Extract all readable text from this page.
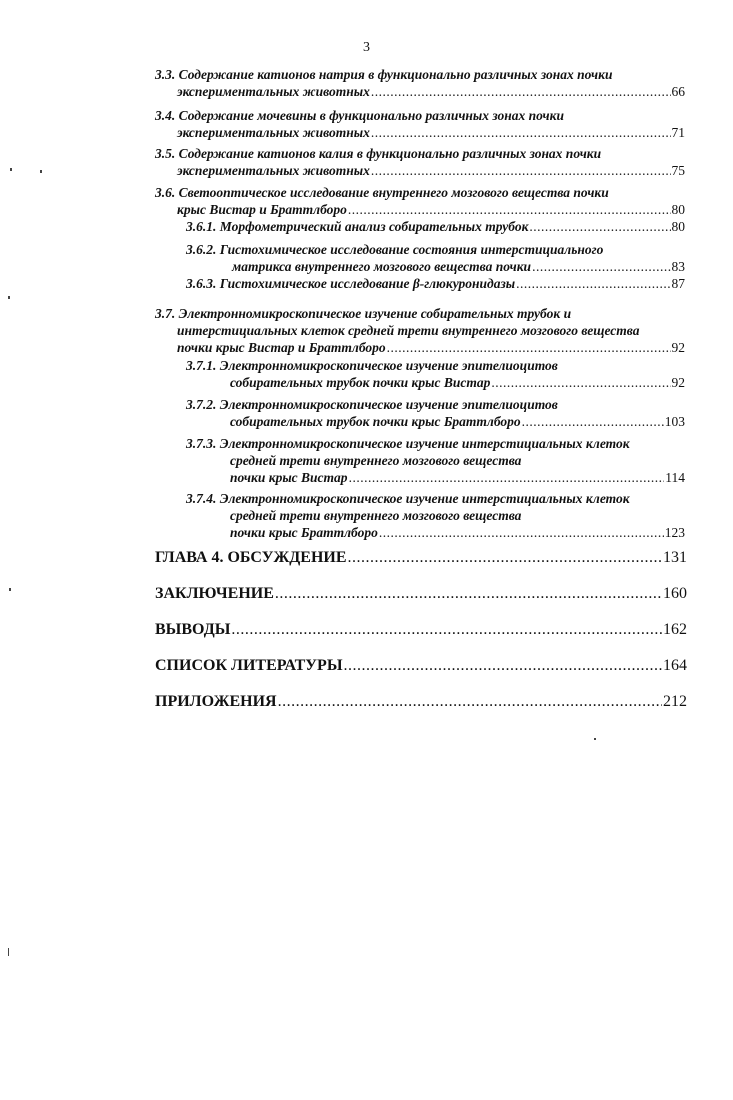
3
3.3. Содержание катионов натрия в функционально различных зонах почки
экспериментальных животных .....	66
3.4. Содержание мочевины в функционально различных зонах почки
экспериментальных животных .....	71
3.5. Содержание катионов калия в функционально различных зонах почки
экспериментальных животных .....	75
3.6. Светооптическое исследование внутреннего мозгового вещества почки
крыс Вистар и Браттлборо .....	80
3.6.1. Морфометрический анализ собирательных трубок .....	80
3.6.2. Гистохимическое исследование состояния интерстициального
матрикса внутреннего мозгового вещества почки .....	83
3.6.3. Гистохимическое исследование β-глюкуронидазы .....	87
3.7. Электронномикроскопическое изучение собирательных трубок и
интерстициальных клеток средней трети внутреннего мозгового вещества
почки крыс Вистар и Браттлборо .....	92
3.7.1. Электронномикроскопическое изучение эпителиоцитов
собирательных трубок почки крыс Вистар .....	92
3.7.2. Электронномикроскопическое изучение эпителиоцитов
собирательных трубок почки крыс Браттлборо .....	103
3.7.3. Электронномикроскопическое изучение интерстициальных клеток
средней трети внутреннего мозгового вещества
почки крыс Вистар .....	114
3.7.4. Электронномикроскопическое изучение интерстициальных клеток
средней трети внутреннего мозгового вещества
почки крыс Браттлборо .....	123
ГЛАВА 4. ОБСУЖДЕНИЕ .....	131
ЗАКЛЮЧЕНИЕ .....	160
ВЫВОДЫ .....	162
СПИСОК ЛИТЕРАТУРЫ .....	164
ПРИЛОЖЕНИЯ .....	212
